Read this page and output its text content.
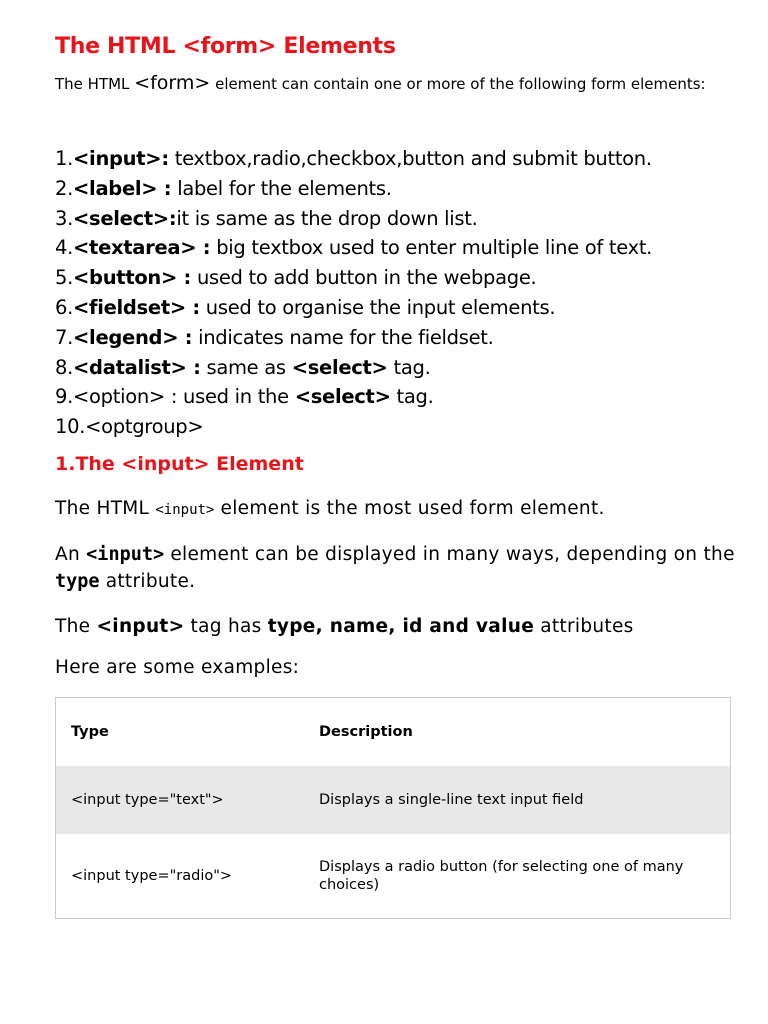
The HTML <form> Elements

The HTML <form> element can contain one or more of the following form elements:

1.<input>: textbox,radio,checkbox,button and submit button.
2.<label> : label for the elements.
3.<select>:it is same as the drop down list.
4.<textarea> : big textbox used to enter multiple line of text.
5.<button> : used to add button in the webpage.
6.<fieldset> : used to organise the input elements.
7.<legend> : indicates name for the fieldset.
8.<datalist> : same as <select> tag.
9.<option> : used in the <select> tag.
10.<optgroup>
1.The <input> Element

The HTML <input> element is the most used form element.

An <input> element can be displayed in many ways, depending on the type attribute.

The <input> tag has type, name, id and value attributes

Here are some examples:

Type	Description
<input type="text">	Displays a single-line text input field
<input type="radio">	Displays a radio button (for selecting one of many choices)
